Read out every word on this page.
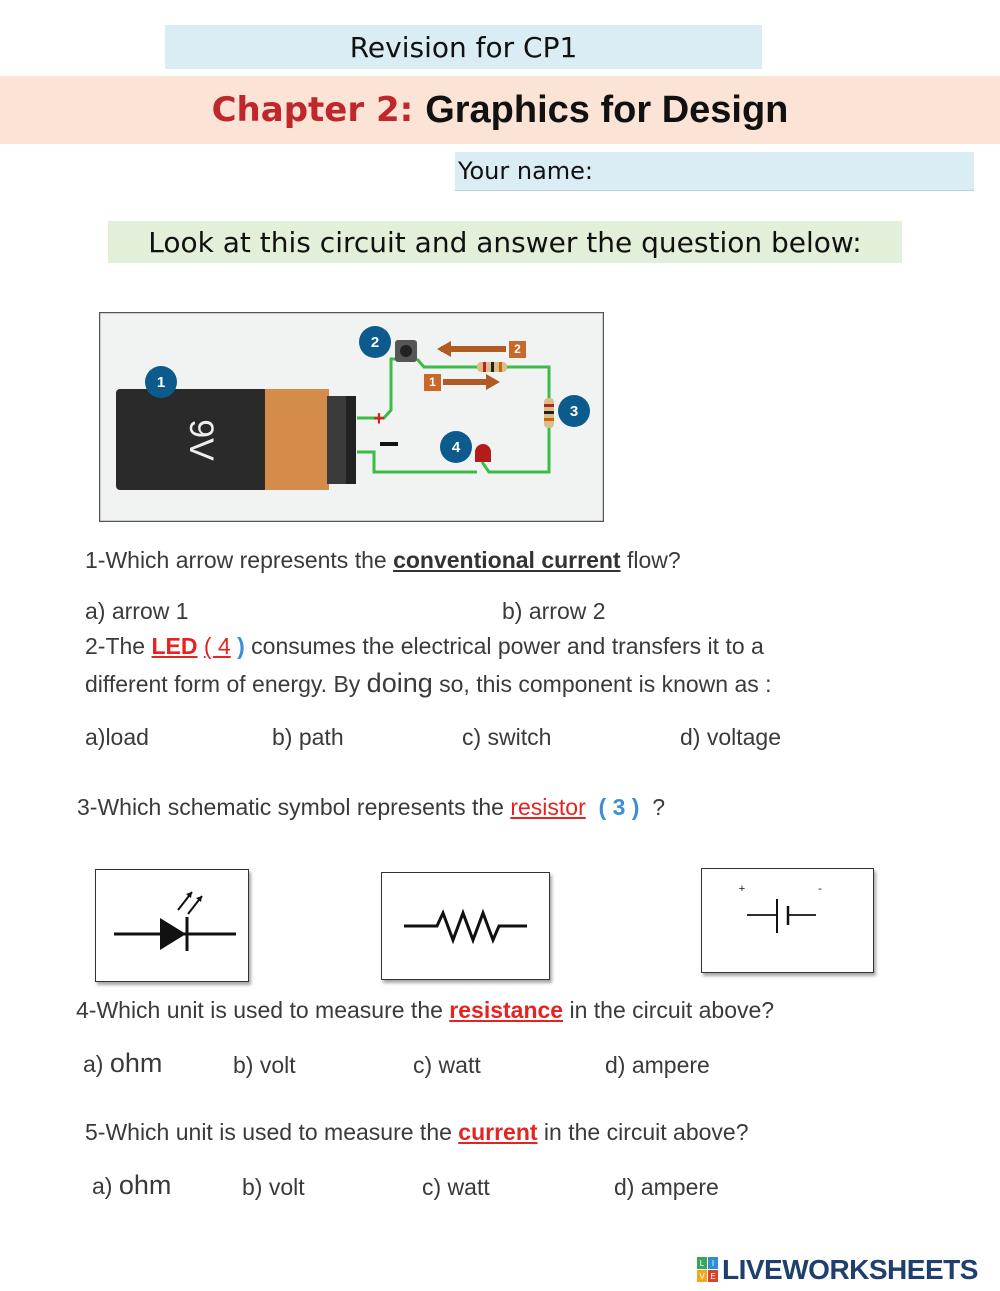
Revision for CP1
Chapter 2: Graphics for Design
Your name:
Look at this circuit and answer the question below:
9V
2
1
+
1
2
3
4
1-Which arrow represents the conventional current flow?
a) arrow 1	b) arrow 2
2-The LED ( 4 ) consumes the electrical power and transfers it to a
different form of energy. By doing so, this component is known as :
a)load	b) path	c) switch	d) voltage
3-Which schematic symbol represents the resistor ( 3 ) ?
+	-
4-Which unit is used to measure the resistance in the circuit above?
a) ohm	b) volt	c) watt	d) ampere
5-Which unit is used to measure the current in the circuit above?
a) ohm	b) volt	c) watt	d) ampere
L I
V E LIVEWORKSHEETS
